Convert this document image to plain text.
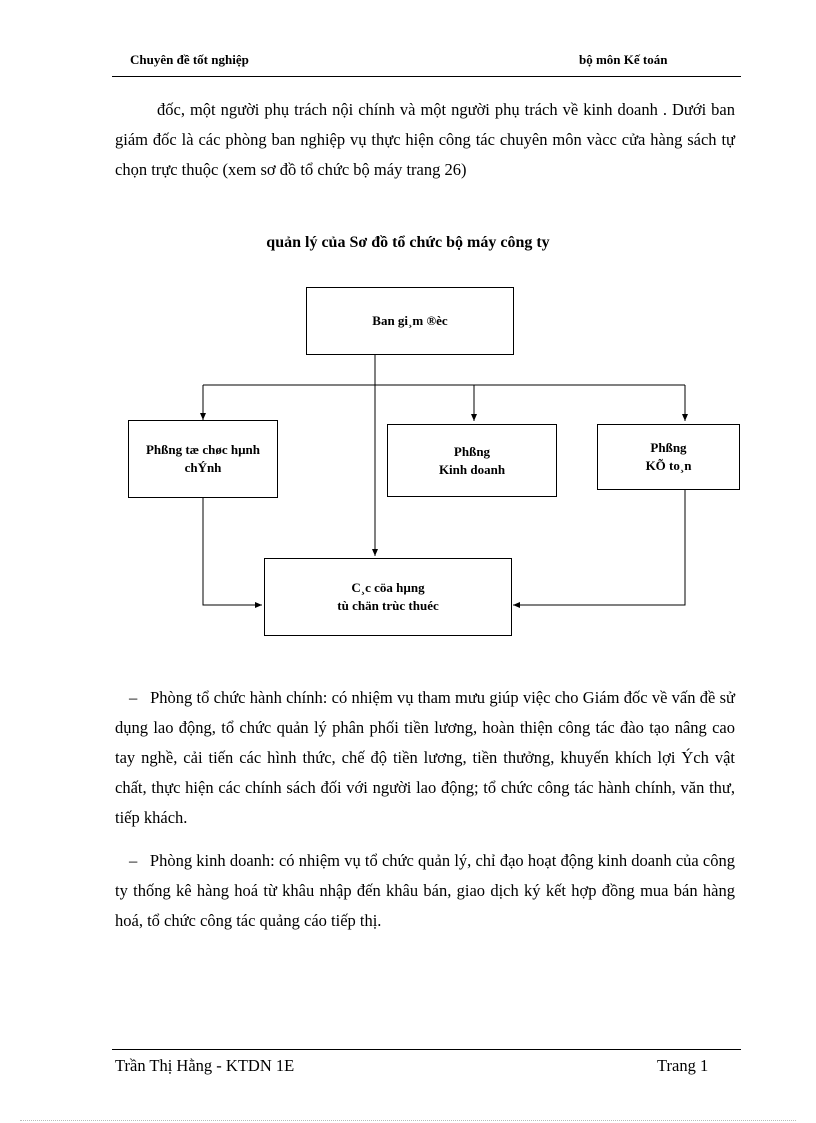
Chuyên đề tốt nghiệp	bộ môn Kế toán

đốc, một người phụ trách nội chính và một người phụ trách về kinh doanh . Dưới ban giám đốc là các phòng ban nghiệp vụ thực hiện công tác chuyên môn vàcc cửa hàng sách tự chọn trực thuộc (xem sơ đồ tổ chức bộ máy trang 26)

quản lý của Sơ đồ tổ chức bộ máy công ty
Ban gi¸m ®èc
Phßng tæ chøc hµnh
chÝnh
Phßng
Kinh doanh
Phßng
KÕ to¸n
C¸c cöa hµng
tù chän trùc thuéc

– Phòng tổ chức hành chính: có nhiệm vụ tham mưu giúp việc cho Giám đốc về vấn đề sử dụng lao động, tổ chức quản lý phân phối tiền lương, hoàn thiện công tác đào tạo nâng cao tay nghề, cải tiến các hình thức, chế độ tiền lương, tiền thưởng, khuyến khích lợi Ých vật chất, thực hiện các chính sách đối với người lao động; tổ chức công tác hành chính, văn thư, tiếp khách.

– Phòng kinh doanh: có nhiệm vụ tổ chức quản lý, chỉ đạo hoạt động kinh doanh của công ty thống kê hàng hoá từ khâu nhập đến khâu bán, giao dịch ký kết hợp đồng mua bán hàng hoá, tổ chức công tác quảng cáo tiếp thị.

Trần Thị Hằng - KTDN 1E	Trang 1
